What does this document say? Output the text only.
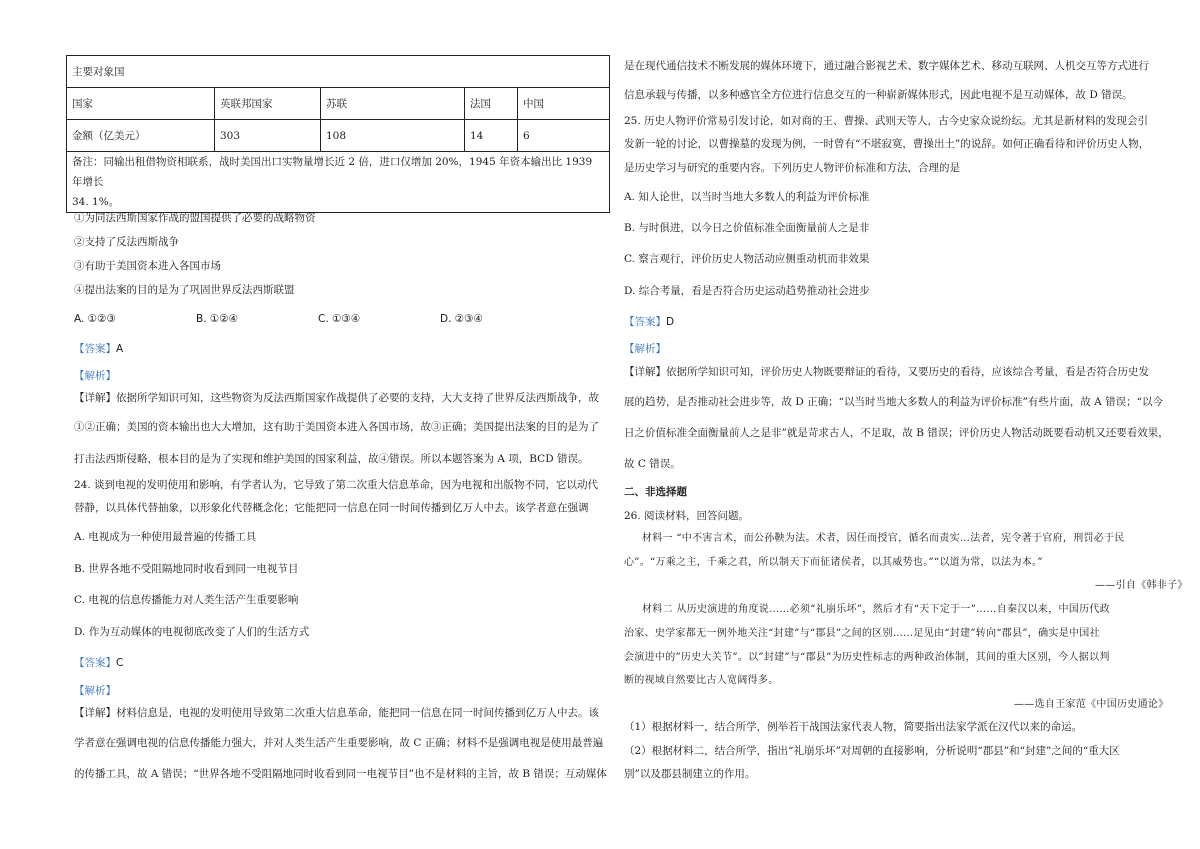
主要对象国				
国家	英联邦国家	苏联	法国	中国
金额（亿美元）	303	108	14	6

备注：同输出租借物资相联系，战时美国出口实物量增长近 2 倍，进口仅增加 20%，1945 年资本输出比 1939 年增长
34. 1%。				
①为同法西斯国家作战的盟国提供了必要的战略物资
②支持了反法西斯战争
③有助于美国资本进入各国市场
④提出法案的目的是为了巩固世界反法西斯联盟
A. ①②③	B. ①②④	C. ①③④	D. ②③④
【答案】A
【解析】
【详解】依据所学知识可知，这些物资为反法西斯国家作战提供了必要的支持，大大支持了世界反法西斯战争，故
①②正确；美国的资本输出也大大增加，这有助于美国资本进入各国市场，故③正确；美国提出法案的目的是为了
打击法西斯侵略，根本目的是为了实现和维护美国的国家利益，故④错误。所以本题答案为 A 项，BCD 错误。
24. 谈到电视的发明使用和影响，有学者认为，它导致了第二次重大信息革命，因为电视和出版物不同，它以动代
替静，以具体代替抽象，以形象化代替概念化；它能把同一信息在同一时间传播到亿万人中去。该学者意在强调
A. 电视成为一种使用最普遍的传播工具
B. 世界各地不受阻隔地同时收看到同一电视节目
C. 电视的信息传播能力对人类生活产生重要影响
D. 作为互动媒体的电视彻底改变了人们的生活方式
【答案】C
【解析】
【详解】材料信息是，电视的发明使用导致第二次重大信息革命，能把同一信息在同一时间传播到亿万人中去。该
学者意在强调电视的信息传播能力强大，并对人类生活产生重要影响，故 C 正确；材料不是强调电视是使用最普遍
的传播工具，故 A 错误；“世界各地不受阻隔地同时收看到同一电视节目”也不是材料的主旨，故 B 错误；互动媒体
是在现代通信技术不断发展的媒体环境下，通过融合影视艺术、数字媒体艺术、移动互联网、人机交互等方式进行
信息承载与传播，以多种感官全方位进行信息交互的一种崭新媒体形式，因此电视不是互动媒体，故 D 错误。
25. 历史人物评价常易引发讨论，如对商的王、曹操、武则天等人，古今史家众说纷纭。尤其是新材料的发现会引
发新一轮的讨论，以曹操墓的发现为例，一时曾有“不堪寂寞，曹操出土”的说辞。如何正确看待和评价历史人物，
是历史学习与研究的重要内容。下列历史人物评价标准和方法，合理的是
A. 知人论世，以当时当地大多数人的利益为评价标准
B. 与时俱进，以今日之价值标准全面衡量前人之是非
C. 察言观行，评价历史人物活动应侧重动机而非效果
D. 综合考量，看是否符合历史运动趋势推动社会进步
【答案】D
【解析】
【详解】依据所学知识可知，评价历史人物既要辩证的看待，又要历史的看待，应该综合考量，看是否符合历史发
展的趋势，是否推动社会进步等，故 D 正确；“以当时当地大多数人的利益为评价标准”有些片面，故 A 错误；“以今
日之价值标准全面衡量前人之是非”就是苛求古人，不足取，故 B 错误；评价历史人物活动既要看动机又还要看效果，
故 C 错误。
二、非选择题
26. 阅读材料，回答问题。
材料一 “中不害言术，而公孙鞅为法。术者，因任而授官，循名而责实…法者，宪令著于官府，刑罚必于民
心”。“万乘之主，千乘之君，所以制天下而征诸侯者，以其威势也。”“以道为常，以法为本。”
——引自《韩非子》
材料二 从历史演进的角度说……必须“礼崩乐坏”，然后才有“天下定于一”……自秦汉以来，中国历代政
治家、史学家都无一例外地关注“封建”与“郡县”之间的区别……足见由“封建”转向“郡县”，确实是中国社
会演进中的”历史大关节”。以”封建”与“郡县”为历史性标志的两种政治体制，其间的重大区别，今人据以判
断的视域自然要比古人宽阔得多。
——选自王家范《中国历史通论》
（1）根据材料一，结合所学，例举若干战国法家代表人物，简要指出法家学派在汉代以来的命运。
（2）根据材料二，结合所学，指出“礼崩乐坏”对周朝的直接影响，分析说明“郡县”和“封建”之间的“重大区
别”以及郡县制建立的作用。
